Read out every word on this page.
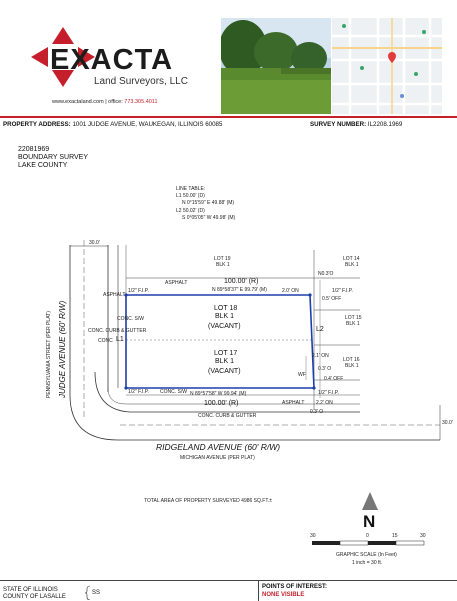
EXACTA
Land Surveyors, LLC
www.exactaland.com | office: 773.305.4011
PROPERTY ADDRESS: 1001 JUDGE AVENUE, WAUKEGAN, ILLINOIS 60085	SURVEY NUMBER: IL2208.1969
22081969
BOUNDARY SURVEY
LAKE COUNTY
LINE TABLE:
L1 50.00' (D)
N 0°15'59" E 49.88' (M)
L2 50.02' (D)
S 0°05'05" W 49.98' (M)
30.0'
LOT 19
BLK 1
LOT 14
BLK 1
ASPHALT	100.00' (R)
N 89°58'37" E 99.79' (M)
1/2" F.I.P.	2.0' ON	1/2" F.I.P.
0.5' OFF
N0.3'O
LOT 18
BLK 1
(VACANT)
LOT 15
BLK 1
L2
L1
CONC. S/W
CONC
ASPHALT
CONC. CURB & GUTTER
LOT 17
BLK 1
(VACANT)
2.1' ON
LOT 16
BLK 1
WF
0.3' O
0.4' OFF
1/2" F.I.P. CONC. S/W N 89°57'58" W 99.94' (M)	1/2" F.I.P.
100.00' (R)	ASPHALT 2.2' ON
0.3' O
CONC. CURB & GUTTER
30.0'
PENNSYLVANIA STREET (PER PLAT) JUDGE AVENUE (60' R/W)
RIDGELAND AVENUE (60' R/W)
MICHIGAN AVENUE (PER PLAT)
TOTAL AREA OF PROPERTY SURVEYED 4986 SQ.FT.±
N
30	0	15	30
GRAPHIC SCALE (In Feet)
1 inch = 30 ft.
STATE OF ILLINOIS
COUNTY OF LASALLE
SS
POINTS OF INTEREST:
NONE VISIBLE
